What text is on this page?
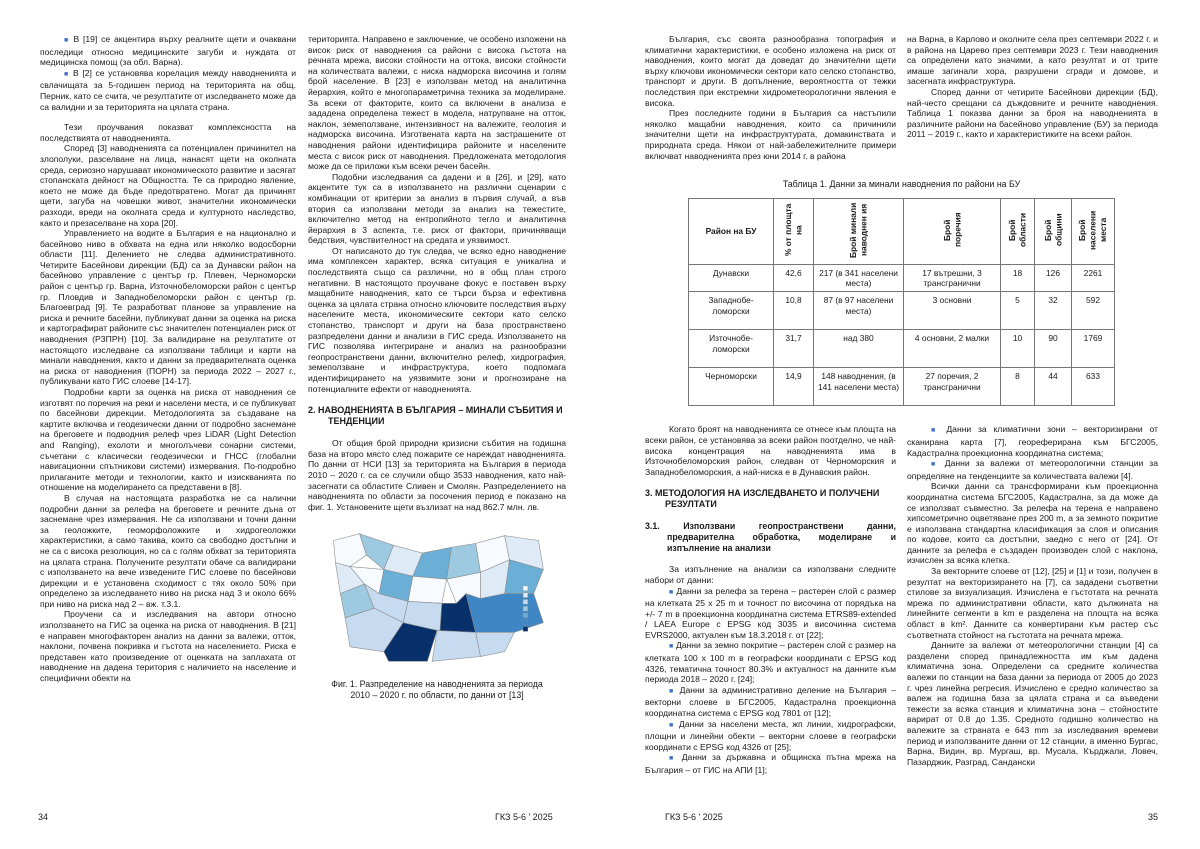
■ В [19] се акцентира върху реалните щети и очаквани последици относно медицинските загуби и нуждата от медицинска помощ (за обл. Варна).

■ В [2] се установява корелация между наводненията и свлачищата за 5-годишен период на територията на общ. Перник, като се счита, че резултатите от изследването може да са валидни и за територията на цялата страна.

Тези проучвания показват комплексността на последствията от наводненията.

Според [3] наводненията са потенциален причинител на злополуки, разселване на лица, нанасят щети на околната среда, сериозно нарушават икономическото развитие и засягат стопанската дейност на Общността. Те са природно явление, което не може да бъде предотвратено. Могат да причинят щети, загуба на човешки живот, значителни икономически разходи, вреди на околната среда и културното наследство, както и презаселване на хора [20].

Управлението на водите в България е на национално и басейново ниво в обхвата на една или няколко водосборни области [11]. Делението не следва административното. Четирите Басейнови дирекции (БД) са за Дунавски район на басейново управление с център гр. Плевен, Черноморски район с център гр. Варна, Източнобеломорски район с център гр. Пловдив и Западнобеломорски район с център гр. Благоевград [9]. Те разработват планове за управление на риска и речните басейни, публикуват данни за оценка на риска и картографират районите със значителен потенциален риск от наводнения (РЗПРН) [10]. За валидиране на резултатите от настоящото изследване са използвани таблици и карти на минали наводнения, както и данни за предварителната оценка на риска от наводнения (ПОРН) за периода 2022 – 2027 г., публикувани като ГИС слоеве [14-17].

Подробни карти за оценка на риска от наводнения се изготвят по поречия на реки и населени места, и се публикуват по басейнови дирекции. Методологията за създаване на картите включва и геодезически данни от подробно заснемане на бреговете и подводния релеф чрез LiDAR (Light Detection and Ranging), ехолоти и многолъчеви сонарни системи, съчетани с класически геодезически и ГНСС (глобални навигационни спътникови системи) измервания. По-подробно прилаганите методи и технологии, както и изискванията по отношение на моделирането са представени в [8].

В случая на настоящата разработка не са налични подробни данни за релефа на бреговете и речните дъна от заснемане чрез измервания. Не са използвани и точни данни за геоложките, геоморфоложките и хидрогеоложки характеристики, а само такива, които са свободно достъпни и не са с висока резолюция, но са с голям обхват за територията на цялата страна. Получените резултати обаче са валидирани с използването на вече изведените ГИС слоеве по басейнови дирекции и е установена сходимост с тях около 50% при определено за изследването ниво на риска над 3 и около 66% при ниво на риска над 2 – вж. т.3.1.

Проучени са и изследвания на автори относно използването на ГИС за оценка на риска от наводнения. В [21] е направен многофакторен анализ на данни за валежи, отток, наклони, почвена покривка и гъстота на населението. Риска е представен като произведение от оценката на заплахата от наводнение на дадена територия с наличието на население и специфични обекти на

територията. Направено е заключение, че особено изложени на висок риск от наводнения са райони с висока гъстота на речната мрежа, високи стойности на оттока, високи стойности на количествата валежи, с ниска надморска височина и голям брой население. В [23] е използван метод на аналитична йерархия, който е многопараметрична техника за моделиране. За всеки от факторите, които са включени в анализа е зададена определена тежест в модела, натрупване на отток, наклон, земеползване, интензивност на валежите, геология и надморска височина. Изготвената карта на застрашените от наводнения райони идентифицира районите и населените места с висок риск от наводнения. Предложената методология може да се приложи към всеки речен басейн.

Подобни изследвания са дадени и в [26], и [29], като акцентите тук са в използването на различни сценарии с комбинации от критерии за анализ в първия случай, а във втория са използвани методи за анализ на тежестите, включително метод на ентропийното тегло и аналитична йерархия в 3 аспекта, т.е. риск от фактори, причиняващи бедствия, чувствителност на средата и уязвимост.

От написаното до тук следва, че всяко едно наводнение има комплексен характер, всяка ситуация е уникална и последствията също са различни, но в общ план строго негативни. В настоящото проучване фокус е поставен върху мащабните наводнения, като се търси бърза и ефективна оценка за цялата страна относно ключовите последствия върху населените места, икономическите сектори като селско стопанство, транспорт и други на база пространствено разпределени данни и анализи в ГИС среда. Използването на ГИС позволява интегриране и анализ на разнообразни геопространствени данни, включително релеф, хидрография, земеползване и инфраструктура, което подпомага идентифицирането на уязвимите зони и прогнозиране на потенциалните ефекти от наводненията.

2. НАВОДНЕНИЯТА В БЪЛГАРИЯ – МИНАЛИ СЪБИТИЯ И ТЕНДЕНЦИИ

От общия брой природни кризисни събития на годишна база на второ място след пожарите се нареждат наводненията. По данни от НСИ [13] за територията на България в периода 2010 – 2020 г. са се случили общо 3533 наводнения, като най-засегнати са областите Сливен и Смолян. Разпределението на наводненията по области за посочения период е показано на фиг. 1. Установените щети възлизат на над 862.7 млн. лв.

Фиг. 1. Разпределение на наводненията за периода
2010 – 2020 г. по области, по данни от [13]
34	ГКЗ 5-6 ' 2025

България, със своята разнообразна топография и климатични характеристики, е особено изложена на риск от наводнения, които могат да доведат до значителни щети върху ключови икономически сектори като селско стопанство, транспорт и други. В допълнение, вероятността от тежки последствия при екстремни хидрометеорологични явления е висока.

През последните години в България са настъпили няколко мащабни наводнения, които са причинили значителни щети на инфраструктурата, домакинствата и природната среда. Някои от най-забележителните примери включват наводненията през юни 2014 г. в района

на Варна, в Карлово и околните села през септември 2022 г. и в района на Царево през септември 2023 г. Тези наводнения са определени като значими, а като резултат и от трите имаше загинали хора, разрушени сгради и домове, и засегната инфраструктура.

Според данни от четирите Басейнови дирекции (БД), най-често срещани са дъждовните и речните наводнения. Таблица 1 показва данни за броя на наводненията в различните райони на басейново управление (БУ) за периода 2011 – 2019 г., както и характеристиките на всеки район.

Таблица 1. Данни за минали наводнения по райони на БУ
Район на БУ	% от площта на	Брой минали наводнен ия	Брой поречия	Брой области	Брой общини	Брой населени места
Дунавски	42,6	217 (в 341 населени места)	17 вътрешни, 3 трансгранични	18	126	2261
Западнобе-ломорски	10,8	87 (в 97 населени места)	3 основни	5	32	592
Източнобе-ломорски	31,7	над 380	4 основни, 2 малки	10	90	1769
Черноморски	14,9	148 наводнения, (в 141 населени места)	27 поречия, 2 трансгранични	8	44	633

Когато броят на наводненията се отнесе към площта на всеки район, се установява за всеки район поотделно, че най-висока концентрация на наводненията има в Източнобеломорския район, следван от Черноморския и Западнобеломорския, а най-ниска е в Дунавския район.

3. МЕТОДОЛОГИЯ НА ИЗСЛЕДВАНЕТО И ПОЛУЧЕНИ РЕЗУЛТАТИ
3.1. Използвани геопространствени данни, предварителна обработка, моделиране и изпълнение на анализи

За изпълнение на анализи са използвани следните набори от данни:

■ Данни за релефа за терена – растерен слой с размер на клетката 25 x 25 m и точност по височина от порядъка на +/- 7 m в проекционна координатна система ETRS89-extended / LAEA Europe с EPSG код 3035 и височинна система EVRS2000, актуален към 18.3.2018 г. от [22];

■ Данни за земно покритие – растерен слой с размер на клетката 100 x 100 m в географски координати с EPSG код 4326, тематична точност 80.3% и актуалност на данните към периода 2018 – 2020 г. [24];

■ Данни за административно деление на България – векторни слоеве в БГС2005, Кадастрална проекционна координатна система с EPSG код 7801 от [12];

■ Данни за населени места, жп линии, хидрографски, площни и линейни обекти – векторни слоеве в географски координати с EPSG код 4326 от [25];

■ Данни за държавна и общинска пътна мрежа на България – от ГИС на АПИ [1];

■ Данни за климатични зони – векторизирани от сканирана карта [7], геореферирана към БГС2005, Кадастрална проекционна координатна система;

■ Данни за валежи от метеорологични станции за определяне на тенденциите за количествата валежи [4].

Всички данни са трансформирани към проекционна координатна система БГС2005, Кадастрална, за да може да се използват съвместно. За релефа на терена е направено хипсометрично оцветяване през 200 m, а за земното покритие е използвана стандартна класификация за слоя и описания по кодове, които са достъпни, заедно с него от [24]. От данните за релефа е създаден производен слой с наклона, изчислен за всяка клетка.

За векторните слоеве от [12], [25] и [1] и този, получен в резултат на векторизирането на [7], са зададени съответни стилове за визуализация. Изчислена е гъстотата на речната мрежа по административни области, като дължината на линейните сегменти в km е разделена на площта на всяка област в km². Данните са конвертирани към растер със съответната стойност на гъстотата на речната мрежа.

Данните за валежи от метеорологични станции [4] са разделени според принадлежността им към дадена климатична зона. Определени са средните количества валежи по станции на база данни за периода от 2005 до 2023 г. чрез линейна регресия. Изчислено е средно количество за валеж на годишна база за цялата страна и са въведени тежести за всяка станция и климатична зона – стойностите варират от 0.8 до 1.35. Средното годишно количество на валежите за страната е 643 mm за изследвания времеви период и използваните данни от 12 станции, а именно Бургас, Варна, Видин, вр. Мургаш, вр. Мусала, Кърджали, Ловеч, Пазарджик, Разград, Сандански

ГКЗ 5-6 ' 2025	35
